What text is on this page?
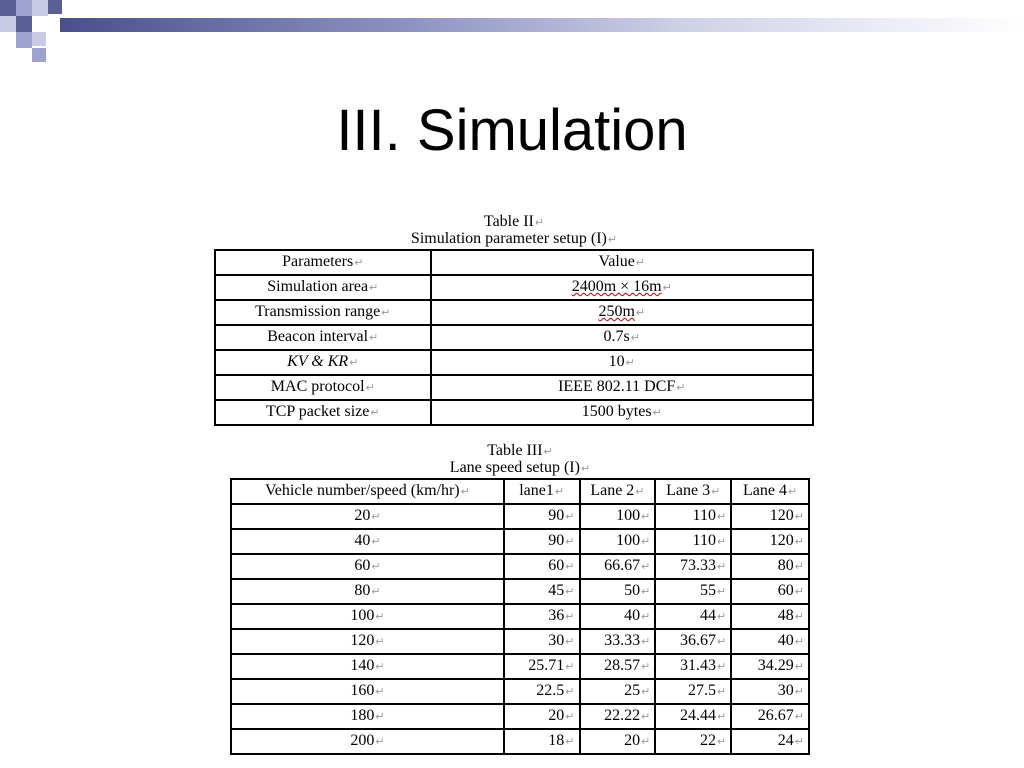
III. Simulation
Table II↵
Simulation parameter setup (I)↵
Parameters↵	Value↵
Simulation area↵	2400m × 16m↵
Transmission range↵	250m↵
Beacon interval↵	0.7s↵
KV & KR↵	10↵
MAC protocol↵	IEEE 802.11 DCF↵
TCP packet size↵	1500 bytes↵
Table III↵
Lane speed setup (I)↵
Vehicle number/speed (km/hr)↵	lane1↵	Lane 2↵	Lane 3↵	Lane 4↵
20↵	90↵	100↵	110↵	120↵
40↵	90↵	100↵	110↵	120↵
60↵	60↵	66.67↵	73.33↵	80↵
80↵	45↵	50↵	55↵	60↵
100↵	36↵	40↵	44↵	48↵
120↵	30↵	33.33↵	36.67↵	40↵
140↵	25.71↵	28.57↵	31.43↵	34.29↵
160↵	22.5↵	25↵	27.5↵	30↵
180↵	20↵	22.22↵	24.44↵	26.67↵
200↵	18↵	20↵	22↵	24↵
